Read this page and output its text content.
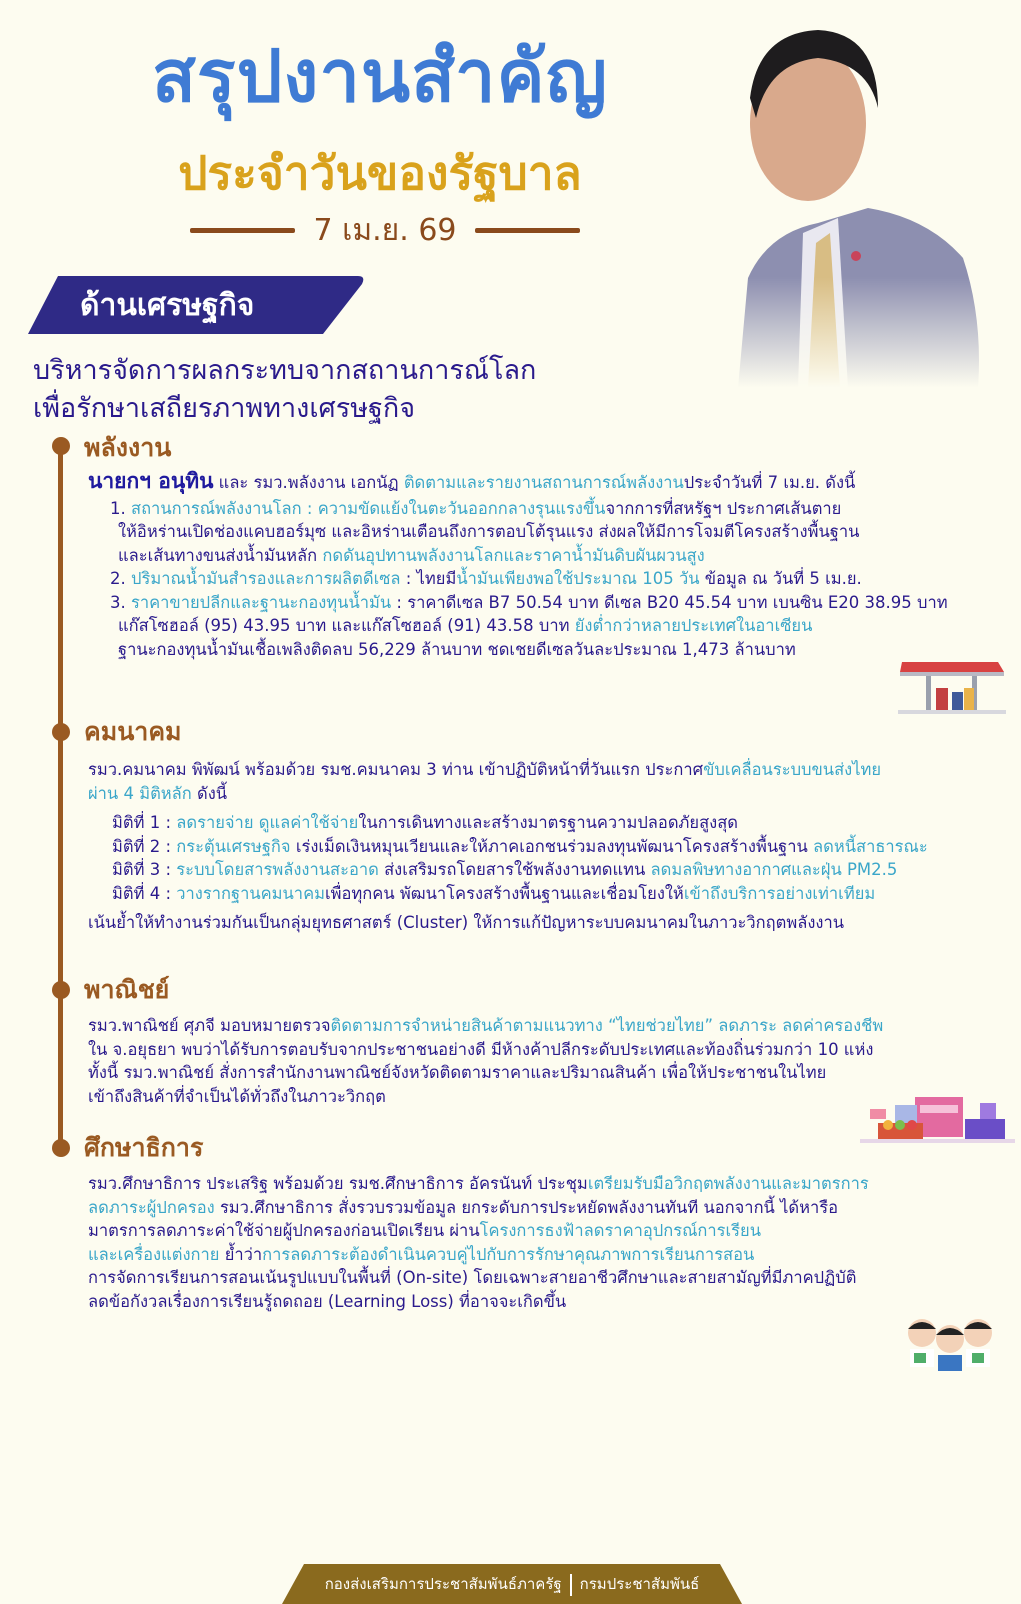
สรุปงานสำคัญ
ประจำวันของรัฐบาล
7 เม.ย. 69
ด้านเศรษฐกิจ
บริหารจัดการผลกระทบจากสถานการณ์โลก
เพื่อรักษาเสถียรภาพทางเศรษฐกิจ
พลังงาน
นายกฯ อนุทิน และ รมว.พลังงาน เอกนัฏ ติดตามและรายงานสถานการณ์พลังงานประจำวันที่ 7 เม.ย. ดังนี้
1. สถานการณ์พลังงานโลก : ความขัดแย้งในตะวันออกกลางรุนแรงขึ้นจากการที่สหรัฐฯ ประกาศเส้นตาย
ให้อิหร่านเปิดช่องแคบฮอร์มุซ และอิหร่านเตือนถึงการตอบโต้รุนแรง ส่งผลให้มีการโจมตีโครงสร้างพื้นฐาน
และเส้นทางขนส่งน้ำมันหลัก กดดันอุปทานพลังงานโลกและราคาน้ำมันดิบผันผวนสูง
2. ปริมาณน้ำมันสำรองและการผลิตดีเซล : ไทยมีน้ำมันเพียงพอใช้ประมาณ 105 วัน ข้อมูล ณ วันที่ 5 เม.ย.
3. ราคาขายปลีกและฐานะกองทุนน้ำมัน : ราคาดีเซล B7 50.54 บาท ดีเซล B20 45.54 บาท เบนซิน E20 38.95 บาท
แก๊สโซฮอล์ (95) 43.95 บาท และแก๊สโซฮอล์ (91) 43.58 บาท ยังต่ำกว่าหลายประเทศในอาเซียน
ฐานะกองทุนน้ำมันเชื้อเพลิงติดลบ 56,229 ล้านบาท ชดเชยดีเซลวันละประมาณ 1,473 ล้านบาท
คมนาคม
รมว.คมนาคม พิพัฒน์ พร้อมด้วย รมช.คมนาคม 3 ท่าน เข้าปฏิบัติหน้าที่วันแรก ประกาศขับเคลื่อนระบบขนส่งไทย
ผ่าน 4 มิติหลัก ดังนี้
มิติที่ 1 : ลดรายจ่าย ดูแลค่าใช้จ่ายในการเดินทางและสร้างมาตรฐานความปลอดภัยสูงสุด
มิติที่ 2 : กระตุ้นเศรษฐกิจ เร่งเม็ดเงินหมุนเวียนและให้ภาคเอกชนร่วมลงทุนพัฒนาโครงสร้างพื้นฐาน ลดหนี้สาธารณะ
มิติที่ 3 : ระบบโดยสารพลังงานสะอาด ส่งเสริมรถโดยสารใช้พลังงานทดแทน ลดมลพิษทางอากาศและฝุ่น PM2.5
มิติที่ 4 : วางรากฐานคมนาคมเพื่อทุกคน พัฒนาโครงสร้างพื้นฐานและเชื่อมโยงให้เข้าถึงบริการอย่างเท่าเทียม
เน้นย้ำให้ทำงานร่วมกันเป็นกลุ่มยุทธศาสตร์ (Cluster) ให้การแก้ปัญหาระบบคมนาคมในภาวะวิกฤตพลังงาน
พาณิชย์
รมว.พาณิชย์ ศุภจี มอบหมายตรวจติดตามการจำหน่ายสินค้าตามแนวทาง “ไทยช่วยไทย” ลดภาระ ลดค่าครองชีพ
ใน จ.อยุธยา พบว่าได้รับการตอบรับจากประชาชนอย่างดี มีห้างค้าปลีกระดับประเทศและท้องถิ่นร่วมกว่า 10 แห่ง
ทั้งนี้ รมว.พาณิชย์ สั่งการสำนักงานพาณิชย์จังหวัดติดตามราคาและปริมาณสินค้า เพื่อให้ประชาชนในไทย
เข้าถึงสินค้าที่จำเป็นได้ทั่วถึงในภาวะวิกฤต
ศึกษาธิการ
รมว.ศึกษาธิการ ประเสริฐ พร้อมด้วย รมช.ศึกษาธิการ อัครนันท์ ประชุมเตรียมรับมือวิกฤตพลังงานและมาตรการ
ลดภาระผู้ปกครอง รมว.ศึกษาธิการ สั่งรวบรวมข้อมูล ยกระดับการประหยัดพลังงานทันที นอกจากนี้ ได้หารือ
มาตรการลดภาระค่าใช้จ่ายผู้ปกครองก่อนเปิดเรียน ผ่านโครงการธงฟ้าลดราคาอุปกรณ์การเรียน
และเครื่องแต่งกาย ย้ำว่าการลดภาระต้องดำเนินควบคู่ไปกับการรักษาคุณภาพการเรียนการสอน
การจัดการเรียนการสอนเน้นรูปแบบในพื้นที่ (On-site) โดยเฉพาะสายอาชีวศึกษาและสายสามัญที่มีภาคปฏิบัติ
ลดข้อกังวลเรื่องการเรียนรู้ถดถอย (Learning Loss) ที่อาจจะเกิดขึ้น
กองส่งเสริมการประชาสัมพันธ์ภาครัฐ กรมประชาสัมพันธ์
